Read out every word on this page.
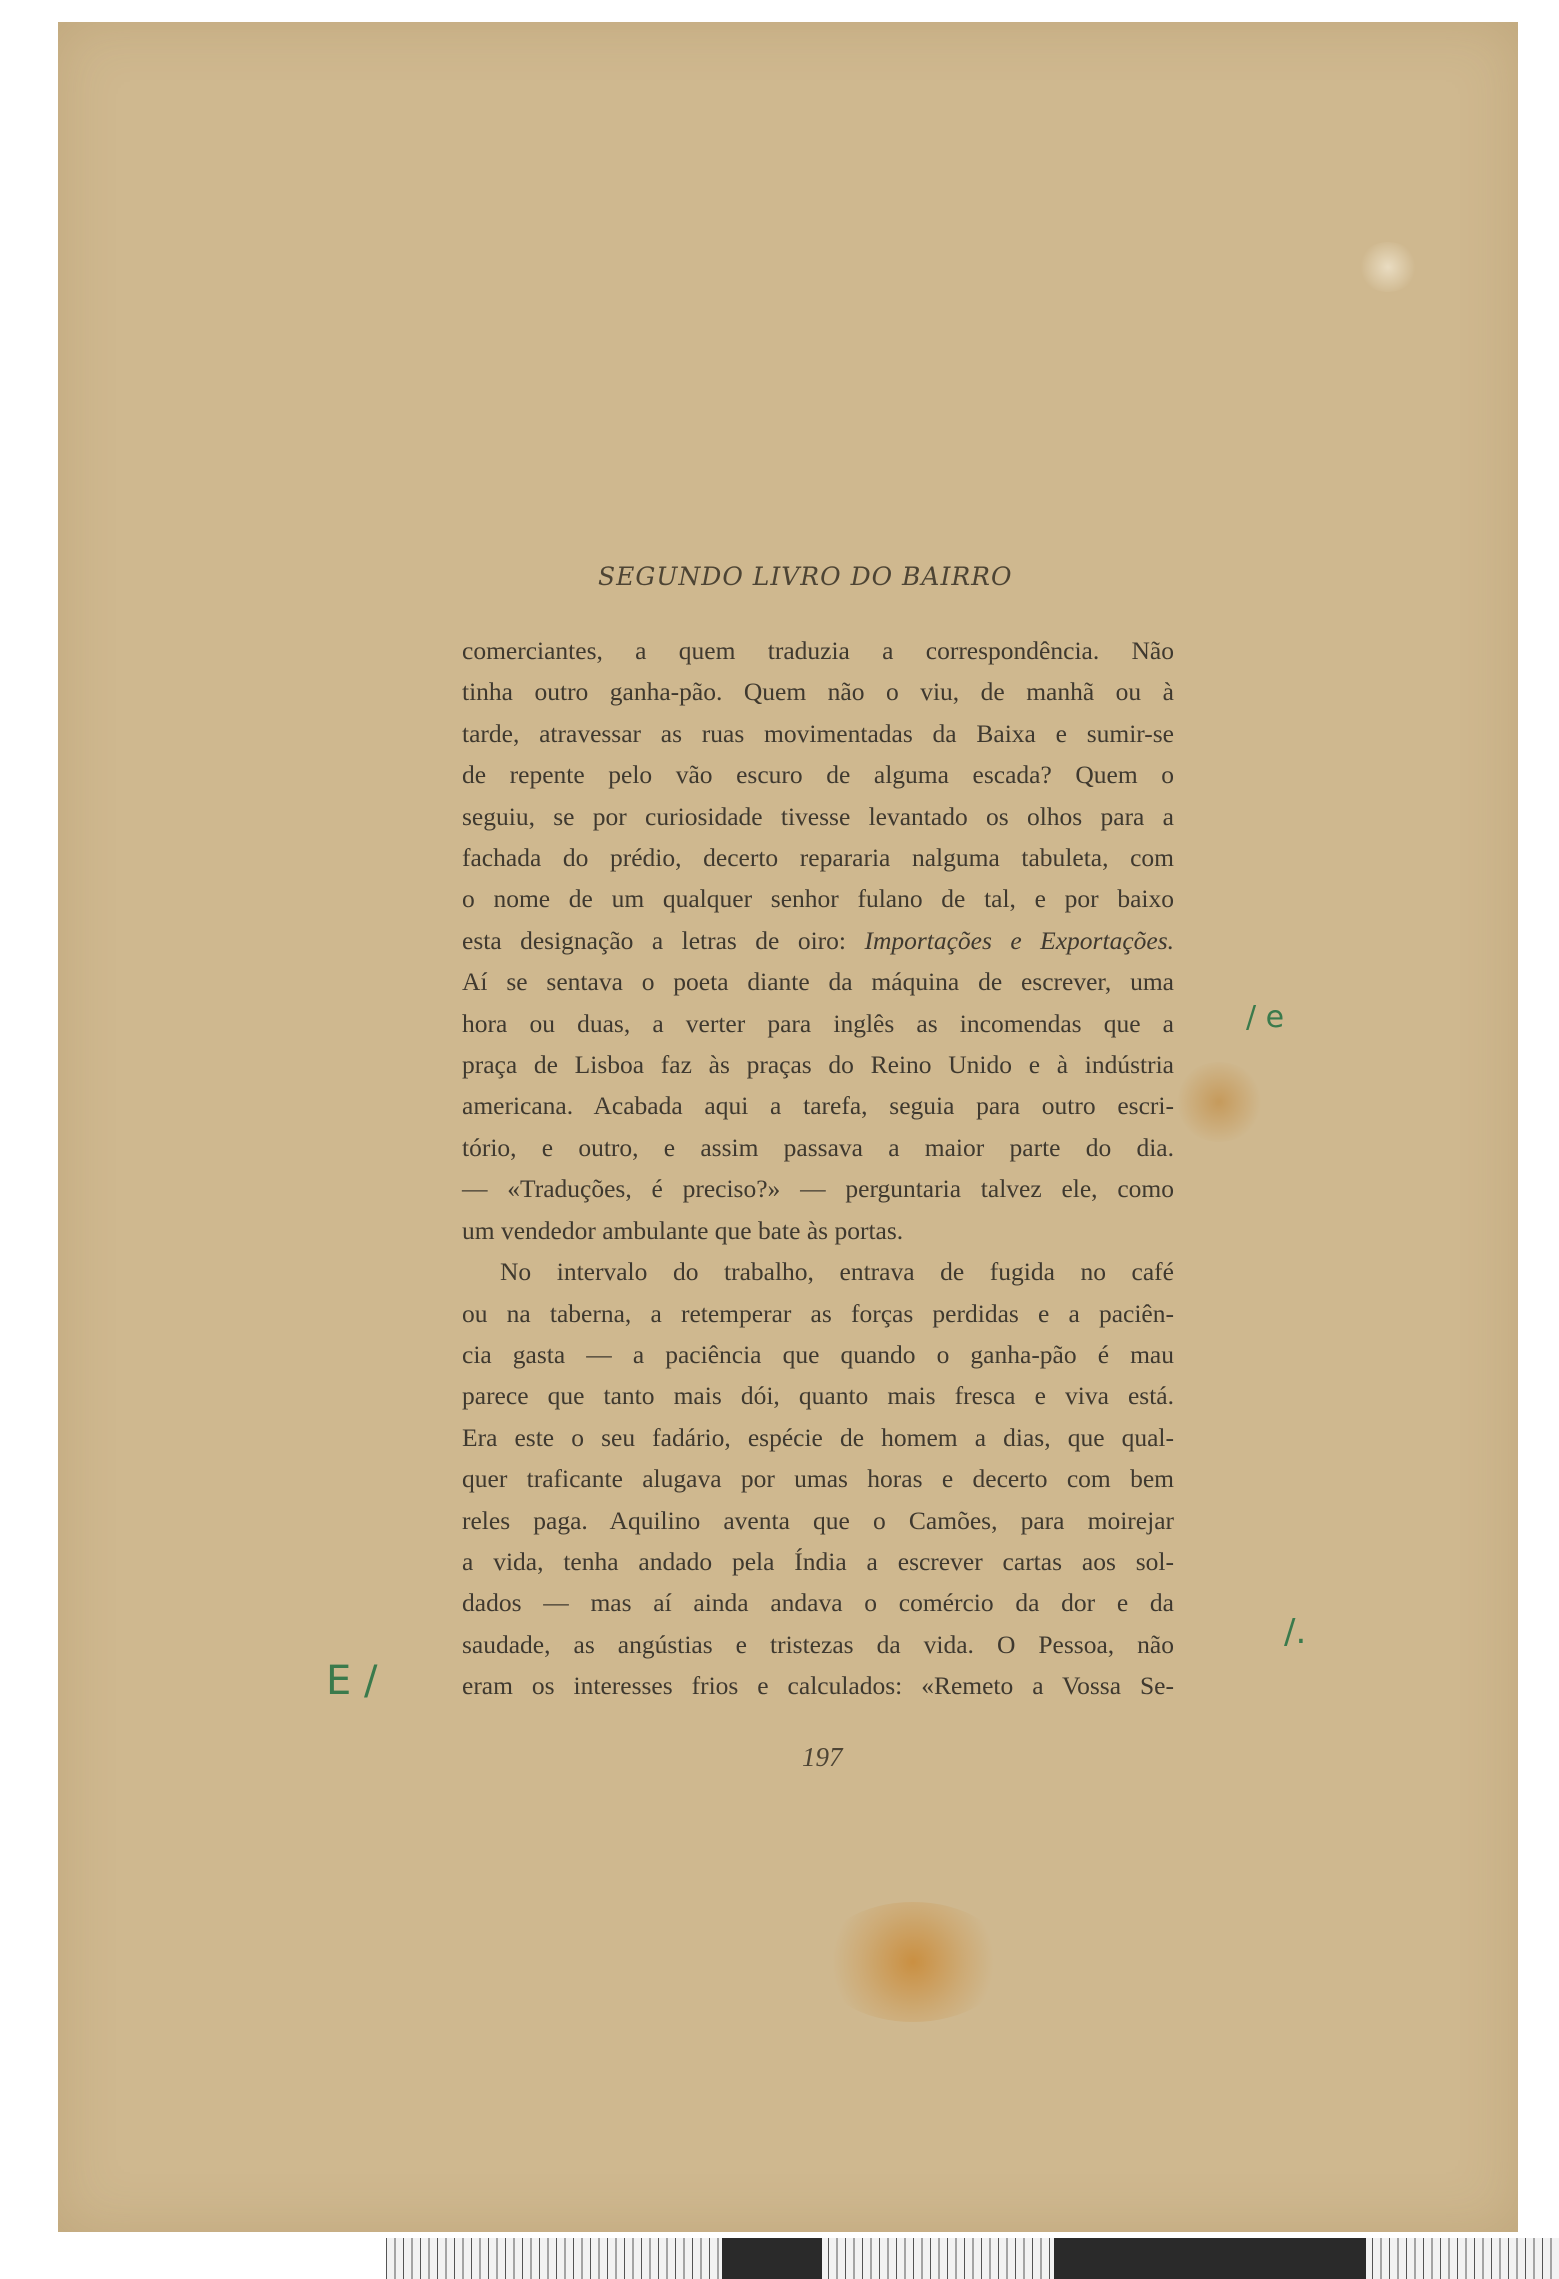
SEGUNDO LIVRO DO BAIRRO
comerciantes, a quem traduzia a correspondência. Não
tinha outro ganha-pão. Quem não o viu, de manhã ou à
tarde, atravessar as ruas movimentadas da Baixa e sumir-se
de repente pelo vão escuro de alguma escada? Quem o
seguiu, se por curiosidade tivesse levantado os olhos para a
fachada do prédio, decerto repararia nalguma tabuleta, com
o nome de um qualquer senhor fulano de tal, e por baixo
esta designação a letras de oiro: Importações e Exportações.
Aí se sentava o poeta diante da máquina de escrever, uma
hora ou duas, a verter para inglês as incomendas que a
praça de Lisboa faz às praças do Reino Unido e à indústria
americana. Acabada aqui a tarefa, seguia para outro escri-
tório, e outro, e assim passava a maior parte do dia.
— «Traduções, é preciso?» — perguntaria talvez ele, como
um vendedor ambulante que bate às portas.
No intervalo do trabalho, entrava de fugida no café
ou na taberna, a retemperar as forças perdidas e a paciên-
cia gasta — a paciência que quando o ganha-pão é mau
parece que tanto mais dói, quanto mais fresca e viva está.
Era este o seu fadário, espécie de homem a dias, que qual-
quer traficante alugava por umas horas e decerto com bem
reles paga. Aquilino aventa que o Camões, para moirejar
a vida, tenha andado pela Índia a escrever cartas aos sol-
dados — mas aí ainda andava o comércio da dor e da
saudade, as angústias e tristezas da vida. O Pessoa, não
eram os interesses frios e calculados: «Remeto a Vossa Se-
197
/ e
/.
E /
